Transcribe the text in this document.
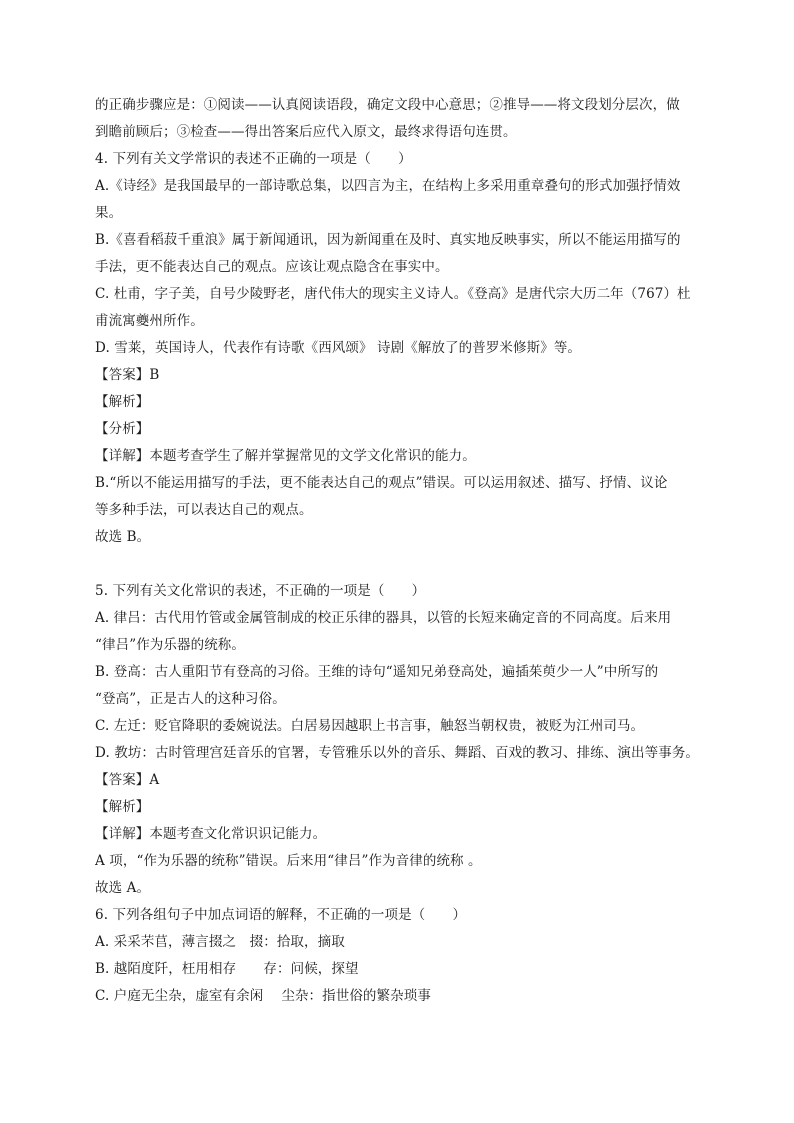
的正确步骤应是：①阅读——认真阅读语段，确定文段中心意思；②推导——将文段划分层次，做
到瞻前顾后；③检查——得出答案后应代入原文，最终求得语句连贯。
4. 下列有关文学常识的表述不正确的一项是（　　）
A.《诗经》是我国最早的一部诗歌总集，以四言为主，在结构上多采用重章叠句的形式加强抒情效
果。
B.《喜看稻菽千重浪》属于新闻通讯，因为新闻重在及时、真实地反映事实，所以不能运用描写的
手法，更不能表达自己的观点。应该让观点隐含在事实中。
C. 杜甫，字子美，自号少陵野老，唐代伟大的现实主义诗人。《登高》是唐代宗大历二年（767）杜
甫流寓夔州所作。
D. 雪莱，英国诗人，代表作有诗歌《西风颂》 诗剧《解放了的普罗米修斯》等。
【答案】B
【解析】
【分析】
【详解】本题考查学生了解并掌握常见的文学文化常识的能力。
B.“所以不能运用描写的手法，更不能表达自己的观点”错误。可以运用叙述、描写、抒情、议论
等多种手法，可以表达自己的观点。
故选 B。
5. 下列有关文化常识的表述，不正确的一项是（　　）
A. 律吕：古代用竹管或金属管制成的校正乐律的器具，以管的长短来确定音的不同高度。后来用
“律吕”作为乐器的统称。
B. 登高：古人重阳节有登高的习俗。王维的诗句“遥知兄弟登高处，遍插茱萸少一人”中所写的
“登高”，正是古人的这种习俗。
C. 左迁：贬官降职的委婉说法。白居易因越职上书言事，触怒当朝权贵，被贬为江州司马。
D. 教坊：古时管理宫廷音乐的官署，专管雅乐以外的音乐、舞蹈、百戏的教习、排练、演出等事务。
【答案】A
【解析】
【详解】本题考查文化常识识记能力。
A 项，“作为乐器的统称”错误。后来用“律吕”作为音律的统称 。
故选 A。
6. 下列各组句子中加点词语的解释，不正确的一项是（　　）
A. 采采芣苢，薄言掇之　掇：拾取，摘取
B. 越陌度阡，枉用相存　　存：问候，探望
C. 户庭无尘杂，虚室有余闲　 尘杂：指世俗的繁杂琐事
